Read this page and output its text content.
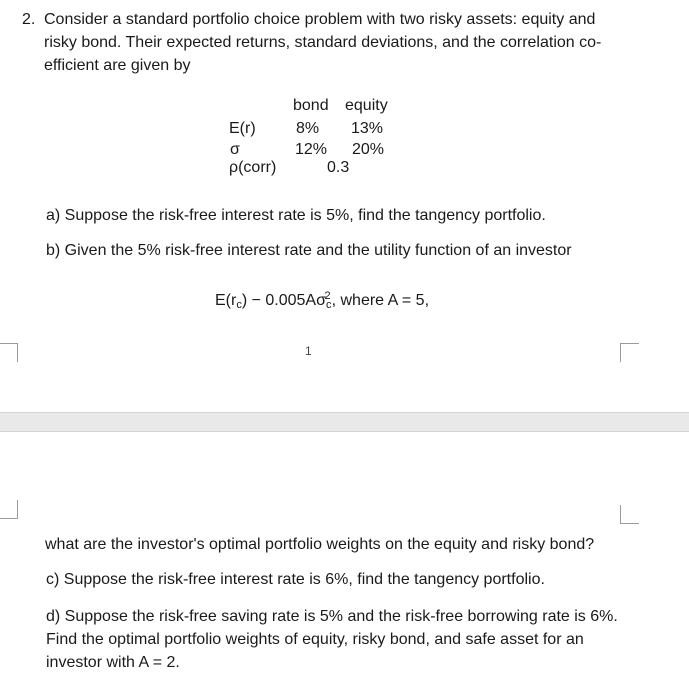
2. Consider a standard portfolio choice problem with two risky assets: equity and
risky bond. Their expected returns, standard deviations, and the correlation co-
efficient are given by
bond equity
E(r)	8% 13%
σ	12% 20%
ρ(corr)	0.3
a) Suppose the risk-free interest rate is 5%, find the tangency portfolio.
b) Given the 5% risk-free interest rate and the utility function of an investor
$E(r_c) - 0.005A\sigma_c^2$, where A = 5,
1
what are the investor's optimal portfolio weights on the equity and risky bond?
c) Suppose the risk-free interest rate is 6%, find the tangency portfolio.
d) Suppose the risk-free saving rate is 5% and the risk-free borrowing rate is 6%.
Find the optimal portfolio weights of equity, risky bond, and safe asset for an
investor with A = 2.
